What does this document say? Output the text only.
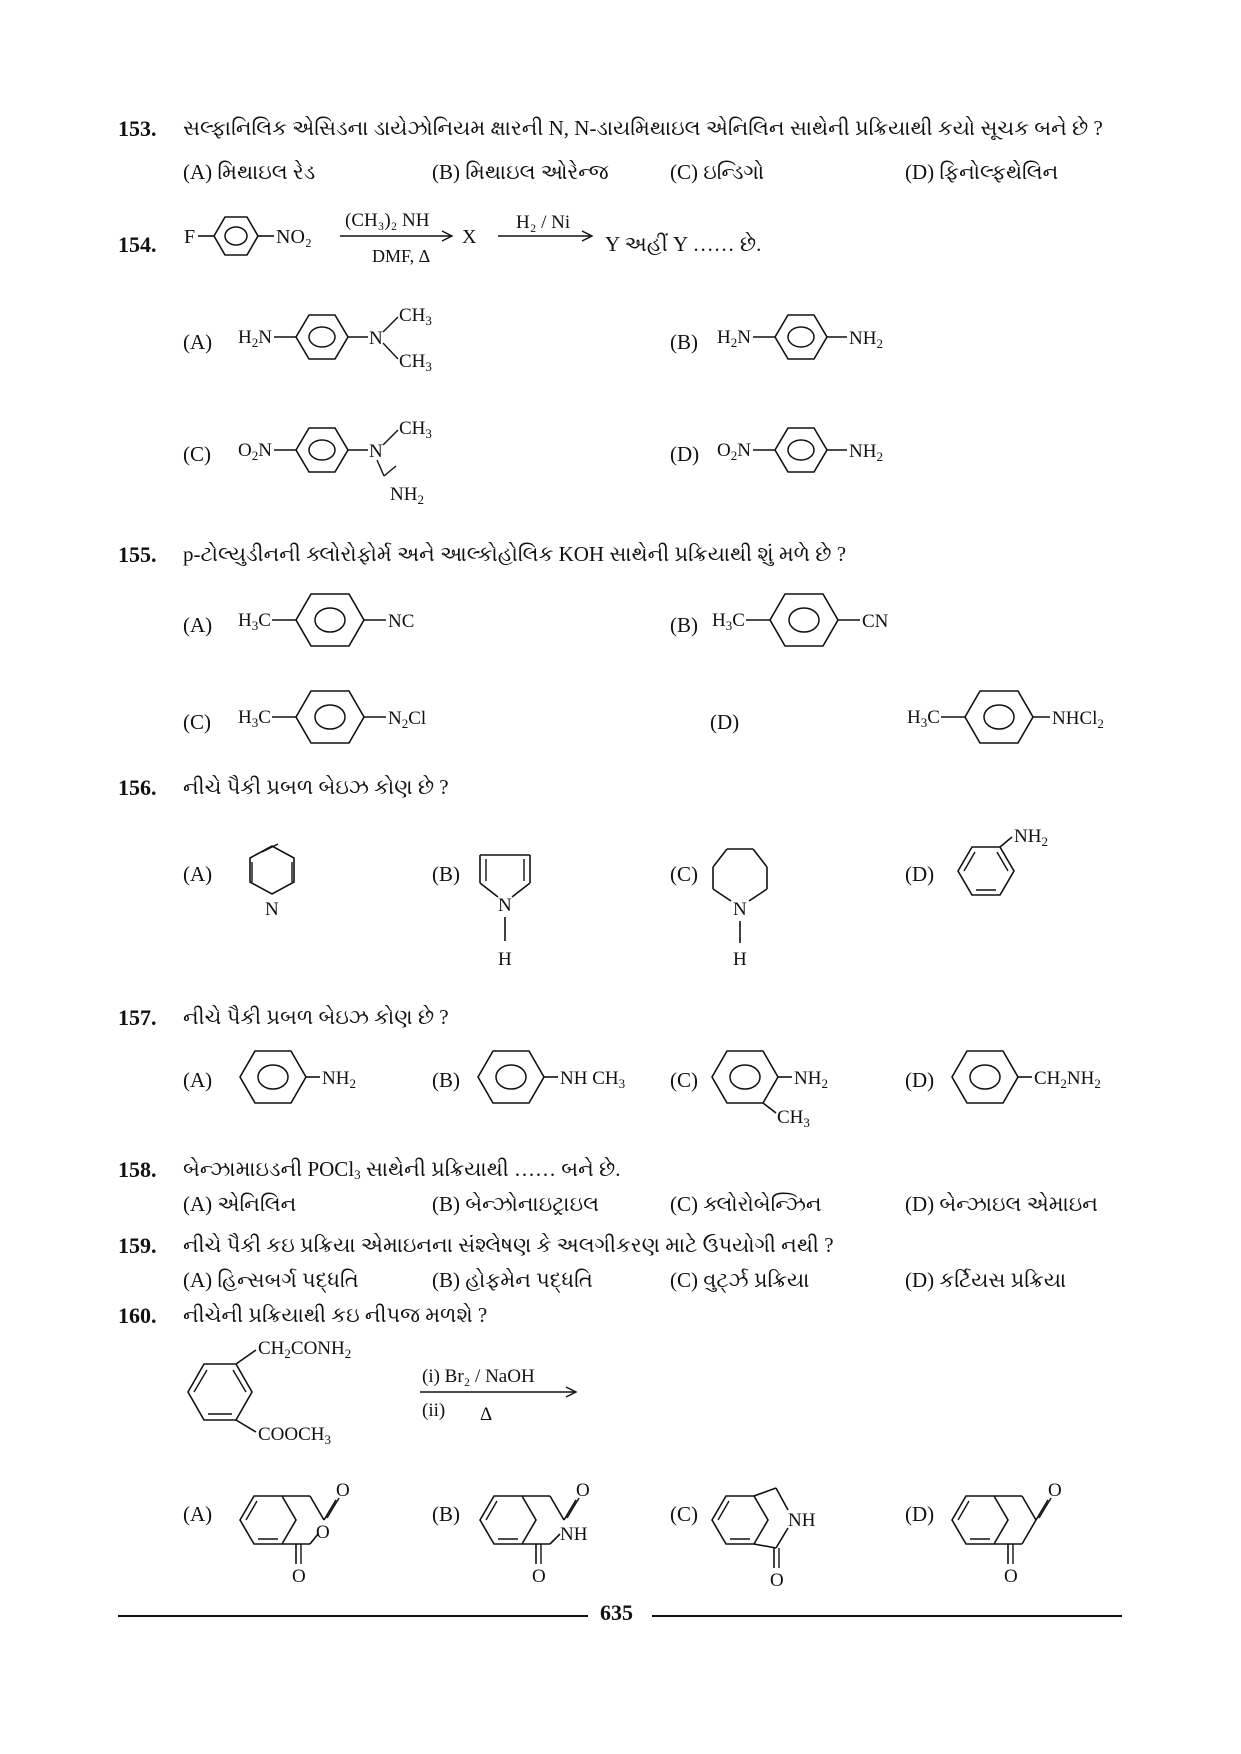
153. સલ્ફાનિલિક એસિડના ડાયેઝોનિયમ ક્ષારની N, N-ડાયમિથાઇલ એનિલિન સાથેની પ્રક્રિયાથી કયો સૂચક બને છે ?
(A) મિથાઇલ રેડ	(B) મિથાઇલ ઓરેન્જ	(C) ઇન્ડિગો	(D) ફિનોલ્ફથેલિન
154. F	NO₂
(CH₃)₂ NH
DMF, Δ
X
H₂ / Ni
Y અહીં Y …… છે.
(A) $H_2N$	N
$CH_3$
$CH_3$
(B) $H_2N$	$NH_2$
(C) $O_2N$	N
$CH_3$
$NH_2$
(D) $O_2N$	$NH_2$
155. p-ટોલ્યુડીનની ક્લોરોફોર્મ અને આલ્કોહોલિક KOH સાથેની પ્રક્રિયાથી શું મળે છે ?
(A) $H_3C$	NC	(B) $H_3C$	CN
(C) $H_3C$	$N_2Cl$	(D)	$H_3C$	NHCl$_2$
156. નીચે પૈકી પ્રબળ બેઇઝ કોણ છે ?
(A)
N
(B)
N
H
(C)
N
H
(D)
$NH_2$
157. નીચે પૈકી પ્રબળ બેઇઝ કોણ છે ?
(A)	$NH_2$	(B)	NH $CH_3$ (C)	$NH_2$
$CH_3$
(D)	$CH_2NH_2$
158. બેન્ઝામાઇડની POCl$_3$ સાથેની પ્રક્રિયાથી …… બને છે.
(A) એનિલિન	(B) બેન્ઝોનાઇટ્રાઇલ	(C) ક્લોરોબેન્ઝિન	(D) બેન્ઝાઇલ એમાઇન
159. નીચે પૈકી કઇ પ્રક્રિયા એમાઇનના સંશ્લેષણ કે અલગીકરણ માટે ઉપયોગી નથી ?
(A) હિન્સબર્ગ પદ્ધતિ	(B) હોફમેન પદ્ધતિ	(C) વુર્ટ્ઝ પ્રક્રિયા	(D) કર્ટિયસ પ્રક્રિયા
160. નીચેની પ્રક્રિયાથી કઇ નીપજ મળશે ?
$CH_2CONH_2$
$COOCH_3$
(i) Br₂ / NaOH
(ii) Δ
(A)
O
O
O
(B)
O
NH
O
(C)	NH
O
(D)
O
O
635
